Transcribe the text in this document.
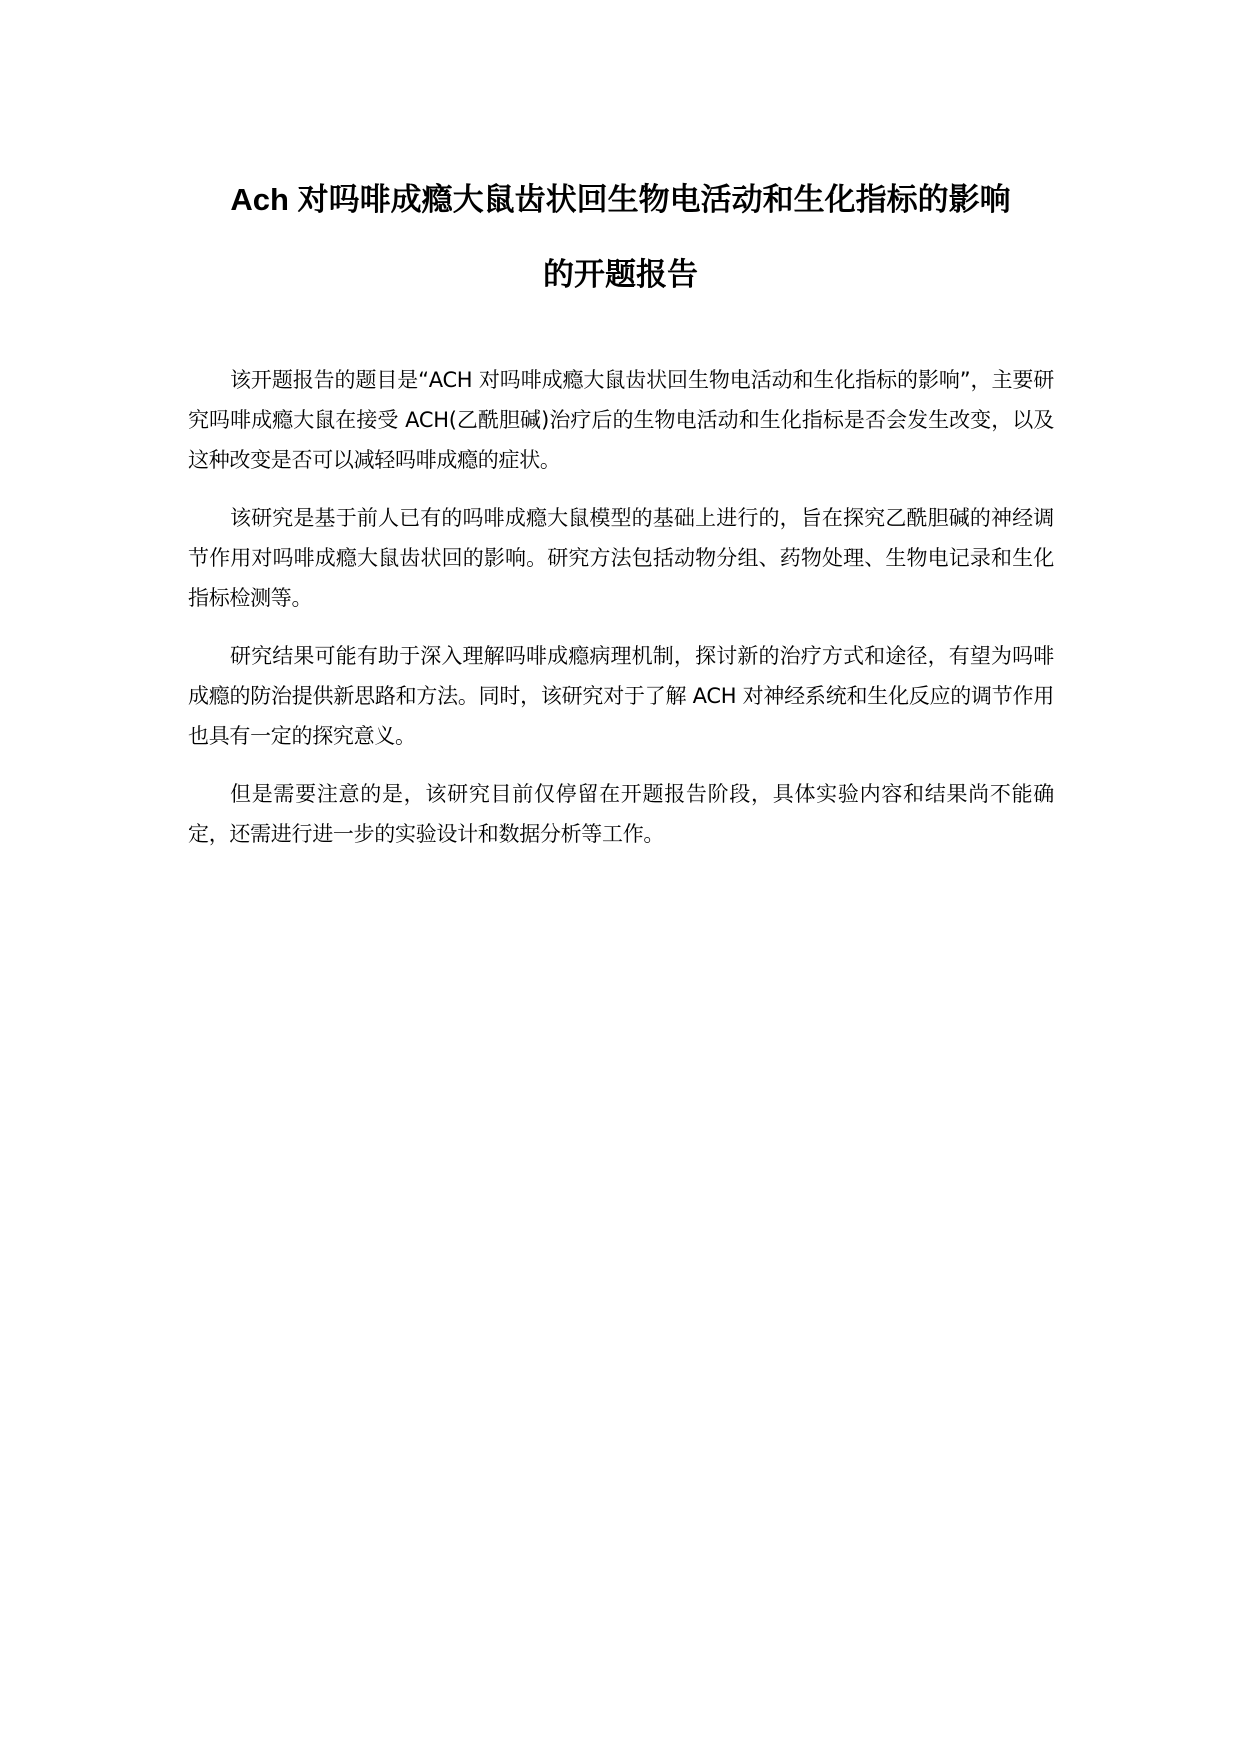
Ach 对吗啡成瘾大鼠齿状回生物电活动和生化指标的影响
的开题报告

该开题报告的题目是“ACH 对吗啡成瘾大鼠齿状回生物电活动和生化指标的影响”，主要研究吗啡成瘾大鼠在接受 ACH(乙酰胆碱)治疗后的生物电活动和生化指标是否会发生改变，以及这种改变是否可以减轻吗啡成瘾的症状。

该研究是基于前人已有的吗啡成瘾大鼠模型的基础上进行的，旨在探究乙酰胆碱的神经调节作用对吗啡成瘾大鼠齿状回的影响。研究方法包括动物分组、药物处理、生物电记录和生化指标检测等。

研究结果可能有助于深入理解吗啡成瘾病理机制，探讨新的治疗方式和途径，有望为吗啡成瘾的防治提供新思路和方法。同时，该研究对于了解 ACH 对神经系统和生化反应的调节作用也具有一定的探究意义。

但是需要注意的是，该研究目前仅停留在开题报告阶段，具体实验内容和结果尚不能确定，还需进行进一步的实验设计和数据分析等工作。
